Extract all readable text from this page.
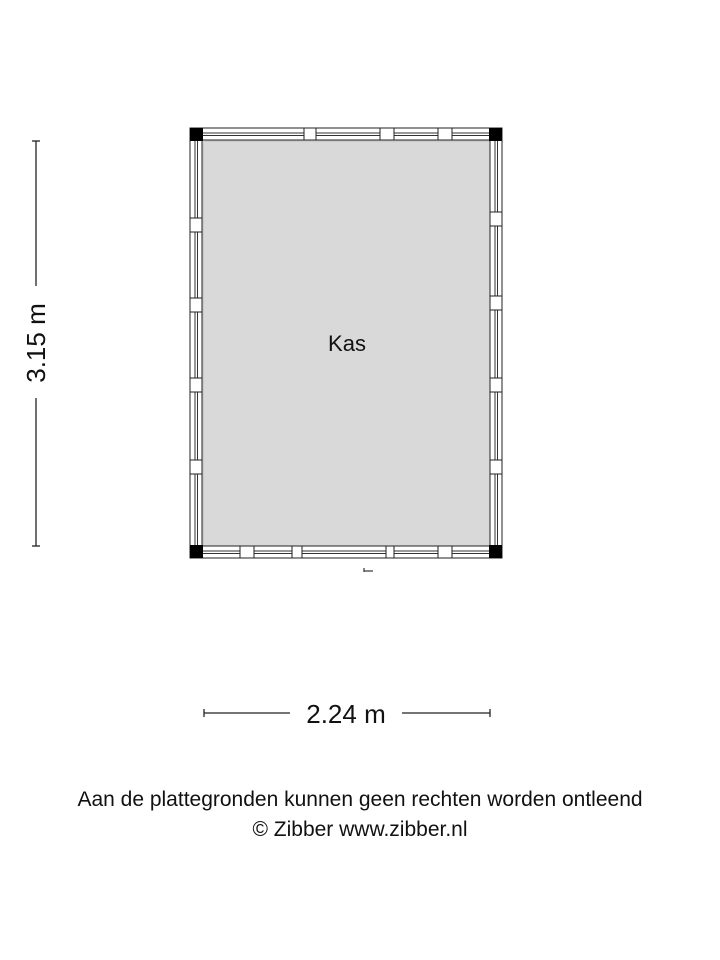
Kas
3.15 m
2.24 m
Aan de plattegronden kunnen geen rechten worden ontleend
© Zibber www.zibber.nl
